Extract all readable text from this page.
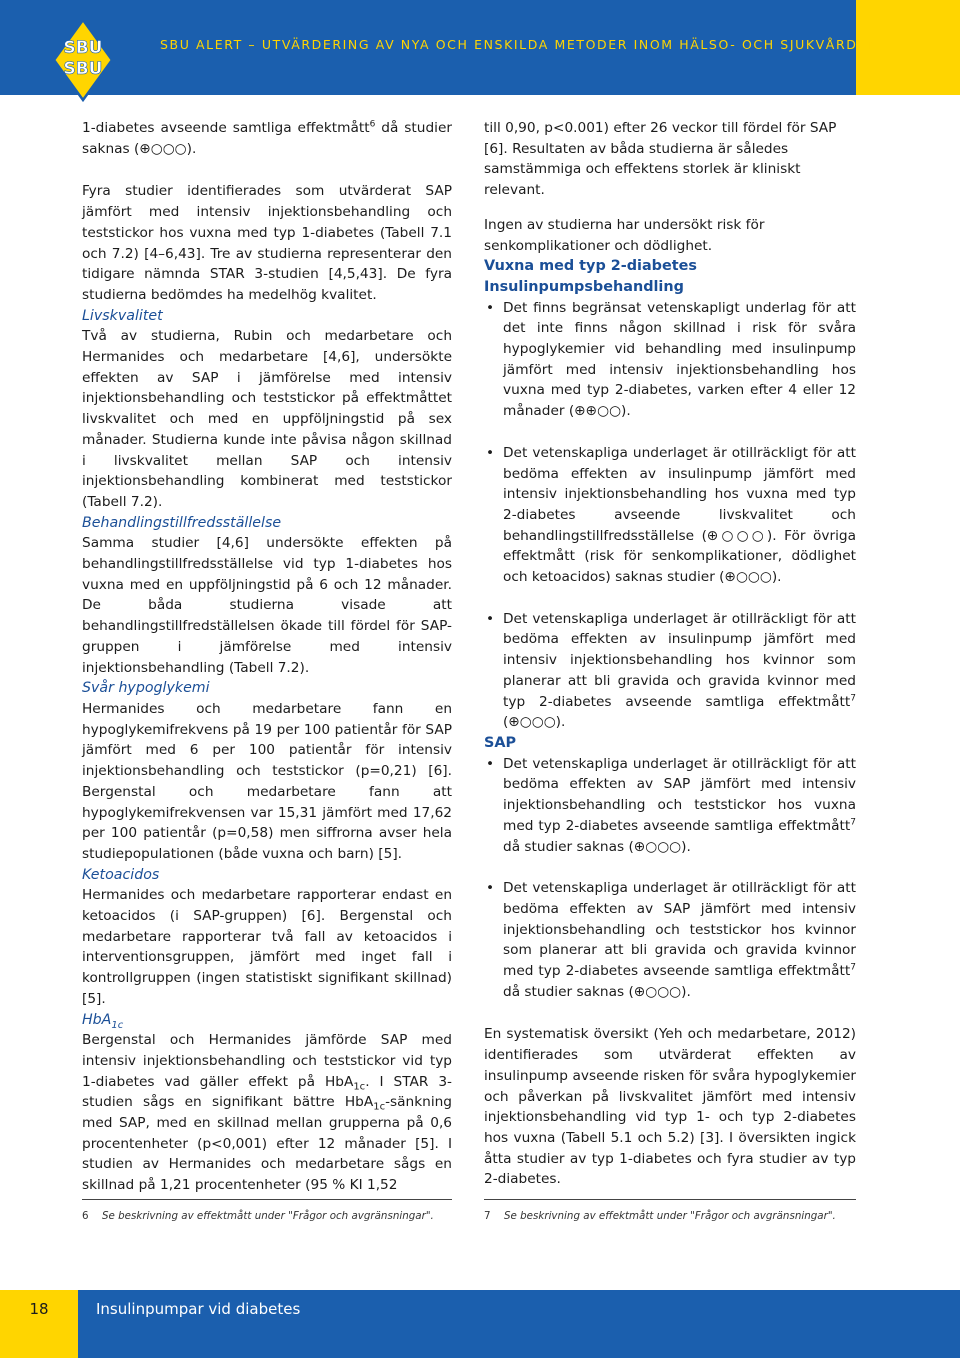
SBU ALERT – UTVÄRDERING AV NYA OCH ENSKILDA METODER INOM HÄLSO- OCH SJUKVÅRDEN
SBU
SBU

1-diabetes avseende samtliga effektmått$^6$ då studier saknas (⊕○○○).

Fyra studier identifierades som utvärderat SAP jämfört med intensiv injektionsbehandling och teststickor hos vuxna med typ 1-diabetes (Tabell 7.1 och 7.2) [4–6,43]. Tre av studierna representerar den tidigare nämnda STAR 3-studien [4,5,43]. De fyra studierna bedömdes ha medelhög kvalitet.

Livskvalitet

Två av studierna, Rubin och medarbetare och Hermanides och medarbetare [4,6], undersökte effekten av SAP i jämförelse med intensiv injektionsbehandling och teststickor på effektmåttet livskvalitet och med en uppföljningstid på sex månader. Studierna kunde inte påvisa någon skillnad i livskvalitet mellan SAP och intensiv injektionsbehandling kombinerat med teststickor (Tabell 7.2).

Behandlingstillfredsställelse

Samma studier [4,6] undersökte effekten på behandlingstillfredsställelse vid typ 1-diabetes hos vuxna med en uppföljningstid på 6 och 12 månader. De båda studierna visade att behandlingstillfredställelsen ökade till fördel för SAP-gruppen i jämförelse med intensiv injektionsbehandling (Tabell 7.2).

Svår hypoglykemi

Hermanides och medarbetare fann en hypoglykemifrekvens på 19 per 100 patientår för SAP jämfört med 6 per 100 patientår för intensiv injektionsbehandling och teststickor (p=0,21) [6]. Bergenstal och medarbetare fann att hypoglykemifrekvensen var 15,31 jämfört med 17,62 per 100 patientår (p=0,58) men siffrorna avser hela studiepopulationen (både vuxna och barn) [5].

Ketoacidos

Hermanides och medarbetare rapporterar endast en ketoacidos (i SAP-gruppen) [6]. Bergenstal och medarbetare rapporterar två fall av ketoacidos i interventionsgruppen, jämfört med inget fall i kontrollgruppen (ingen statistiskt signifikant skillnad) [5].

HbA$_{1c}$

Bergenstal och Hermanides jämförde SAP med intensiv injektionsbehandling och teststickor vid typ 1-diabetes vad gäller effekt på HbA$_{1c}$. I STAR 3-studien sågs en signifikant bättre HbA$_{1c}$-sänkning med SAP, med en skillnad mellan grupperna på 0,6 procentenheter (p<0,001) efter 12 månader [5]. I studien av Hermanides och medarbetare sågs en skillnad på 1,21 procentenheter (95 % KI 1,52

till 0,90, p<0.001) efter 26 veckor till fördel för SAP [6]. Resultaten av båda studierna är således samstämmiga och effektens storlek är kliniskt relevant.

Ingen av studierna har undersökt risk för senkomplikationer och dödlighet.

Vuxna med typ 2-diabetes

Insulinpumpsbehandling

• Det finns begränsat vetenskapligt underlag för att det inte finns någon skillnad i risk för svåra hypoglykemier vid behandling med insulinpump jämfört med intensiv injektionsbehandling hos vuxna med typ 2-diabetes, varken efter 4 eller 12 månader (⊕⊕○○).
• Det vetenskapliga underlaget är otillräckligt för att bedöma effekten av insulinpump jämfört med intensiv injektionsbehandling hos vuxna med typ 2-diabetes avseende livskvalitet och behandlingstillfredsställelse (⊕○○○). För övriga effektmått (risk för senkomplikationer, dödlighet och ketoacidos) saknas studier (⊕○○○).
• Det vetenskapliga underlaget är otillräckligt för att bedöma effekten av insulinpump jämfört med intensiv injektionsbehandling hos kvinnor som planerar att bli gravida och gravida kvinnor med typ 2-diabetes avseende samtliga effektmått$^7$ (⊕○○○).

SAP

• Det vetenskapliga underlaget är otillräckligt för att bedöma effekten av SAP jämfört med intensiv injektionsbehandling och teststickor hos vuxna med typ 2-diabetes avseende samtliga effektmått$^7$ då studier saknas (⊕○○○).
• Det vetenskapliga underlaget är otillräckligt för att bedöma effekten av SAP jämfört med intensiv injektionsbehandling och teststickor hos kvinnor som planerar att bli gravida och gravida kvinnor med typ 2-diabetes avseende samtliga effektmått$^7$ då studier saknas (⊕○○○).

En systematisk översikt (Yeh och medarbetare, 2012) identifierades som utvärderat effekten av insulinpump avseende risken för svåra hypoglykemier och påverkan på livskvalitet jämfört med intensiv injektionsbehandling vid typ 1- och typ 2-diabetes hos vuxna (Tabell 5.1 och 5.2) [3]. I översikten ingick åtta studier av typ 1-diabetes och fyra studier av typ 2-diabetes.

6 Se beskrivning av effektmått under "Frågor och avgränsningar".	7 Se beskrivning av effektmått under "Frågor och avgränsningar".
18	Insulinpumpar vid diabetes
